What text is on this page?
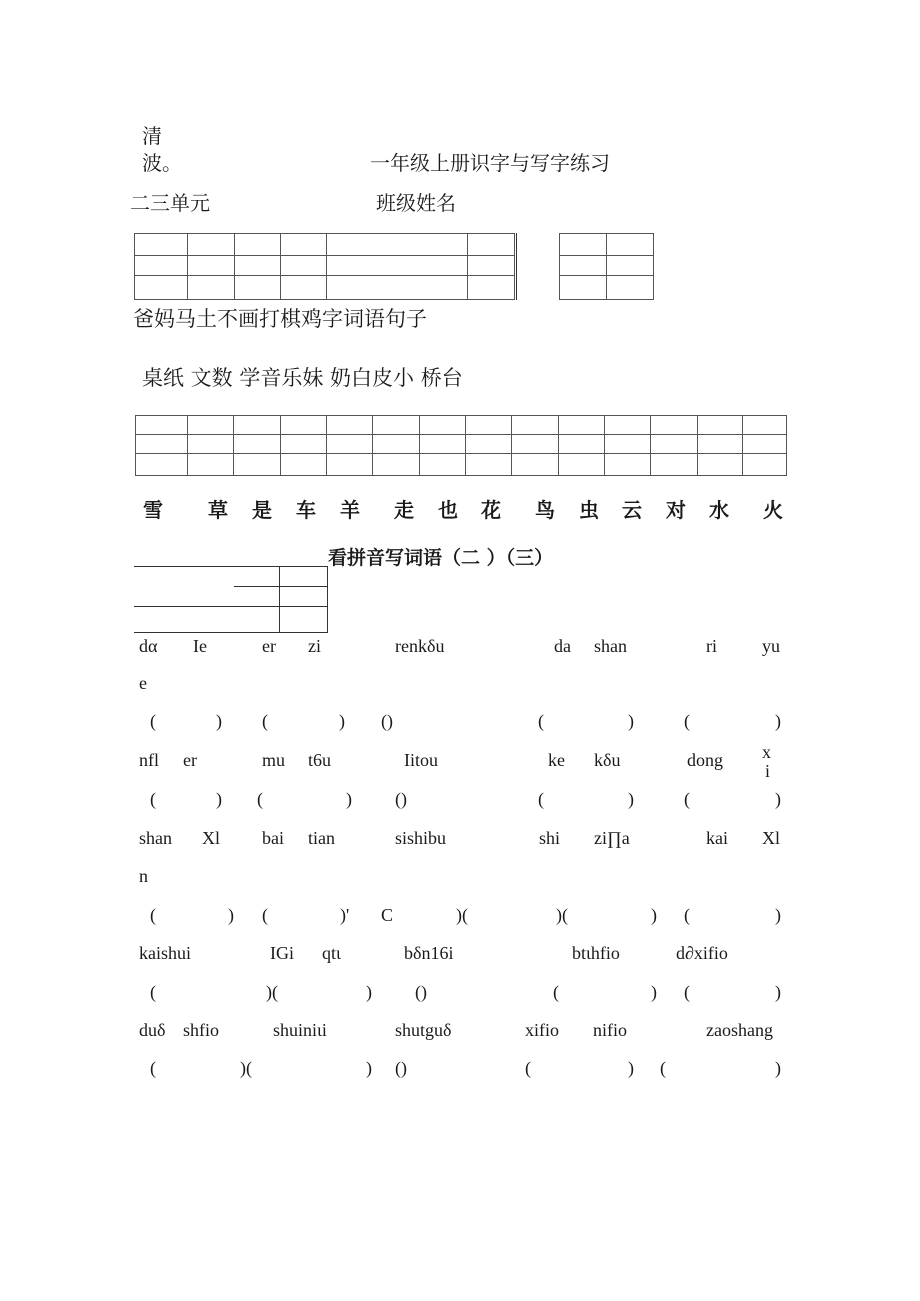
清
波。	一年级上册识字与写字练习
二三单元	班级姓名

爸妈马土不画打棋鸡字词语句子
桌纸 文数 学音乐妹 奶白皮小 桥台

雪 草 是 车 羊 走 也 花 鸟 虫 云 对 水 火
看拼音写词语（二 ）（三）
dα Ie	er zi	renkδu	da shan	ri	yu
e
(	) (	) ()	(	)	(	)
nfl er	mu t6u	Iitou	ke kδu	dong x
i
(	) (	) ()	(	)	(	)
shan Xl bai tian	sishibu	shi zi∏a	kai Xl
n
(	) (	)' C	)(	)(	) (	)
kaishui	IGi qtι	bδn16i	btιhfio	d∂xifio
(	)(	) ()	(	) (	)
duδ shfio	shuiniιi	shutguδ	xifio nifio	zaoshang
(	)(	) ()	(	) (	)
